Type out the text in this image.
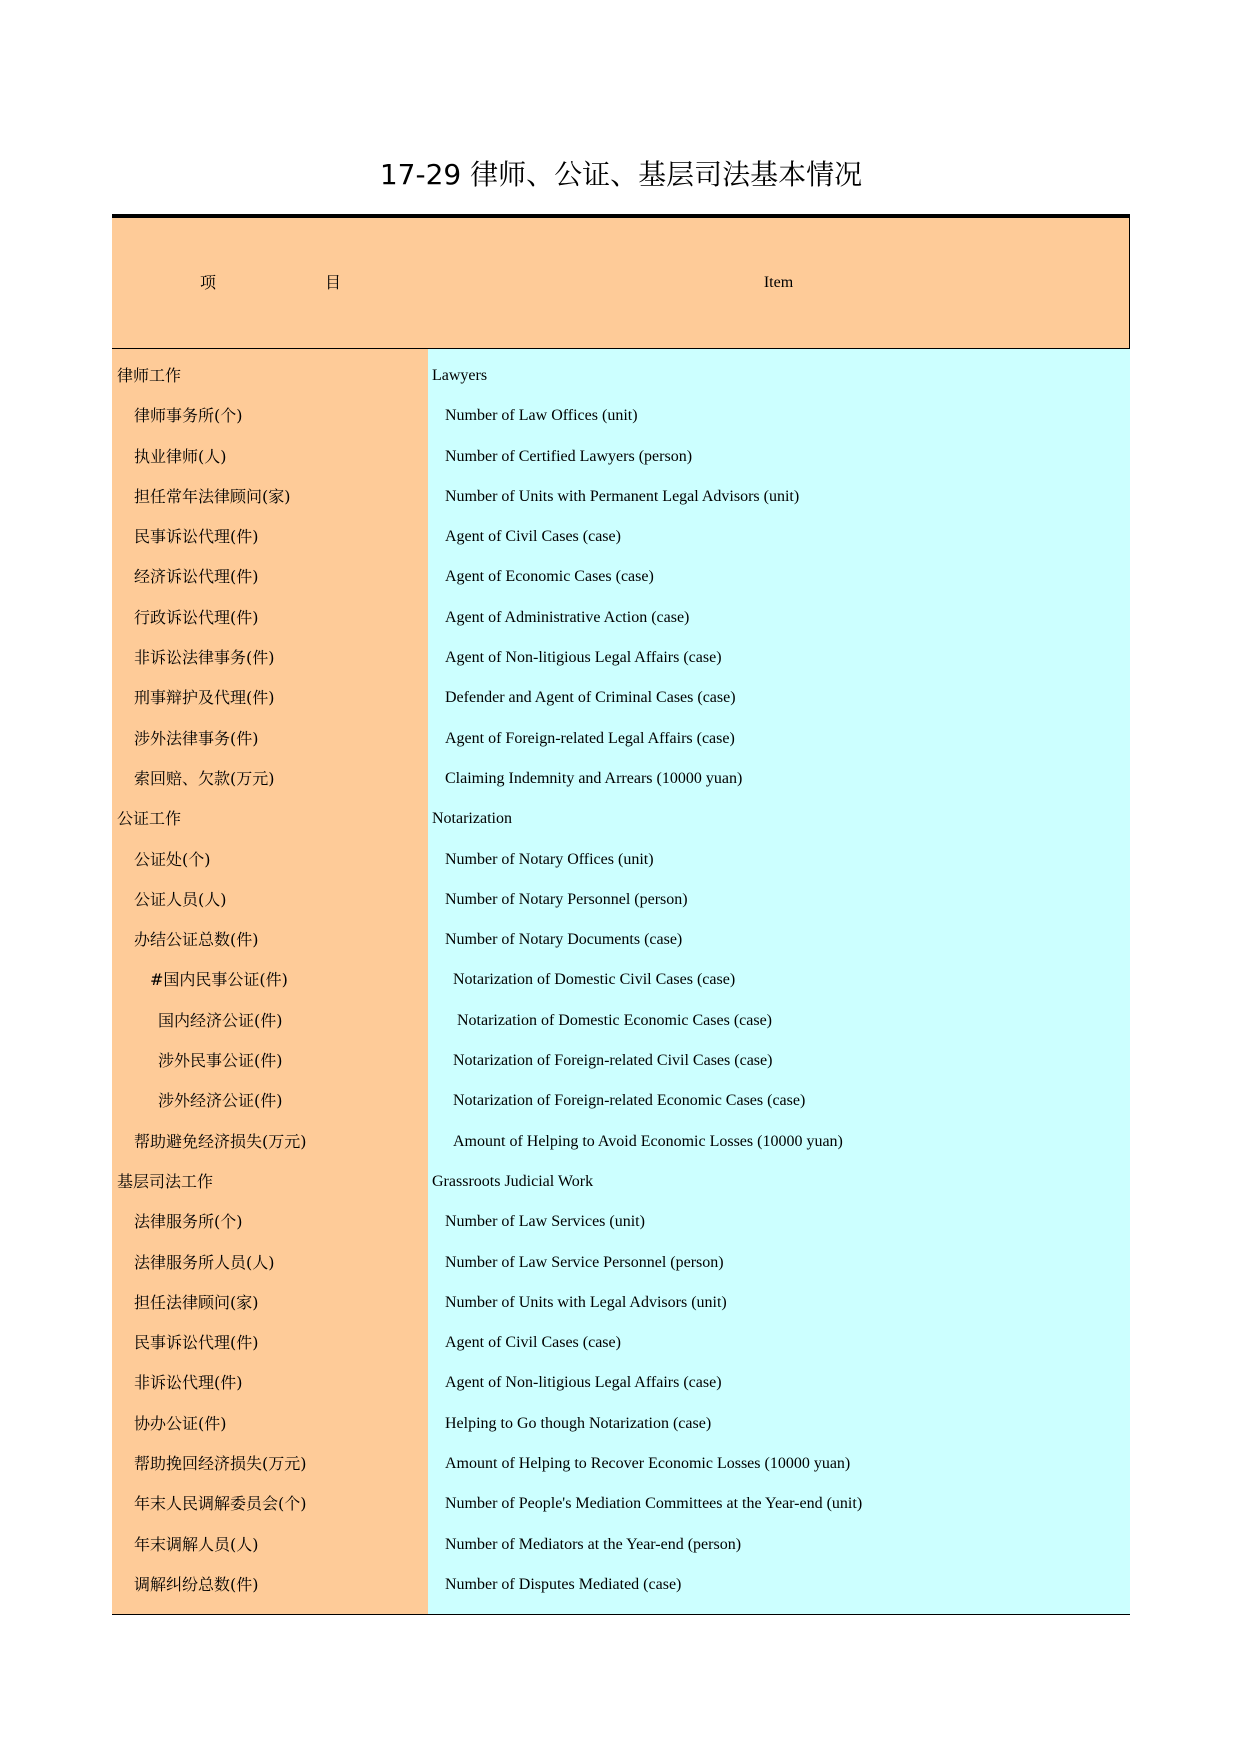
17-29 律师、公证、基层司法基本情况
项	目	Item
律师工作	Lawyers
律师事务所(个)	Number of Law Offices (unit)
执业律师(人)	Number of Certified Lawyers (person)
担任常年法律顾问(家)	Number of Units with Permanent Legal Advisors (unit)
民事诉讼代理(件)	Agent of Civil Cases (case)
经济诉讼代理(件)	Agent of Economic Cases (case)
行政诉讼代理(件)	Agent of Administrative Action (case)
非诉讼法律事务(件)	Agent of Non-litigious Legal Affairs (case)
刑事辩护及代理(件)	Defender and Agent of Criminal Cases (case)
涉外法律事务(件)	Agent of Foreign-related Legal Affairs (case)
索回赔、欠款(万元)	Claiming Indemnity and Arrears (10000 yuan)
公证工作	Notarization
公证处(个)	Number of Notary Offices (unit)
公证人员(人)	Number of Notary Personnel (person)
办结公证总数(件)	Number of Notary Documents (case)
#国内民事公证(件)	Notarization of Domestic Civil Cases (case)
国内经济公证(件)	Notarization of Domestic Economic Cases (case)
涉外民事公证(件)	Notarization of Foreign-related Civil Cases (case)
涉外经济公证(件)	Notarization of Foreign-related Economic Cases (case)
帮助避免经济损失(万元)	Amount of Helping to Avoid Economic Losses (10000 yuan)
基层司法工作	Grassroots Judicial Work
法律服务所(个)	Number of Law Services (unit)
法律服务所人员(人)	Number of Law Service Personnel (person)
担任法律顾问(家)	Number of Units with Legal Advisors (unit)
民事诉讼代理(件)	Agent of Civil Cases (case)
非诉讼代理(件)	Agent of Non-litigious Legal Affairs (case)
协办公证(件)	Helping to Go though Notarization (case)
帮助挽回经济损失(万元)	Amount of Helping to Recover Economic Losses (10000 yuan)
年末人民调解委员会(个)	Number of People's Mediation Committees at the Year-end (unit)
年末调解人员(人)	Number of Mediators at the Year-end (person)
调解纠纷总数(件)	Number of Disputes Mediated (case)
